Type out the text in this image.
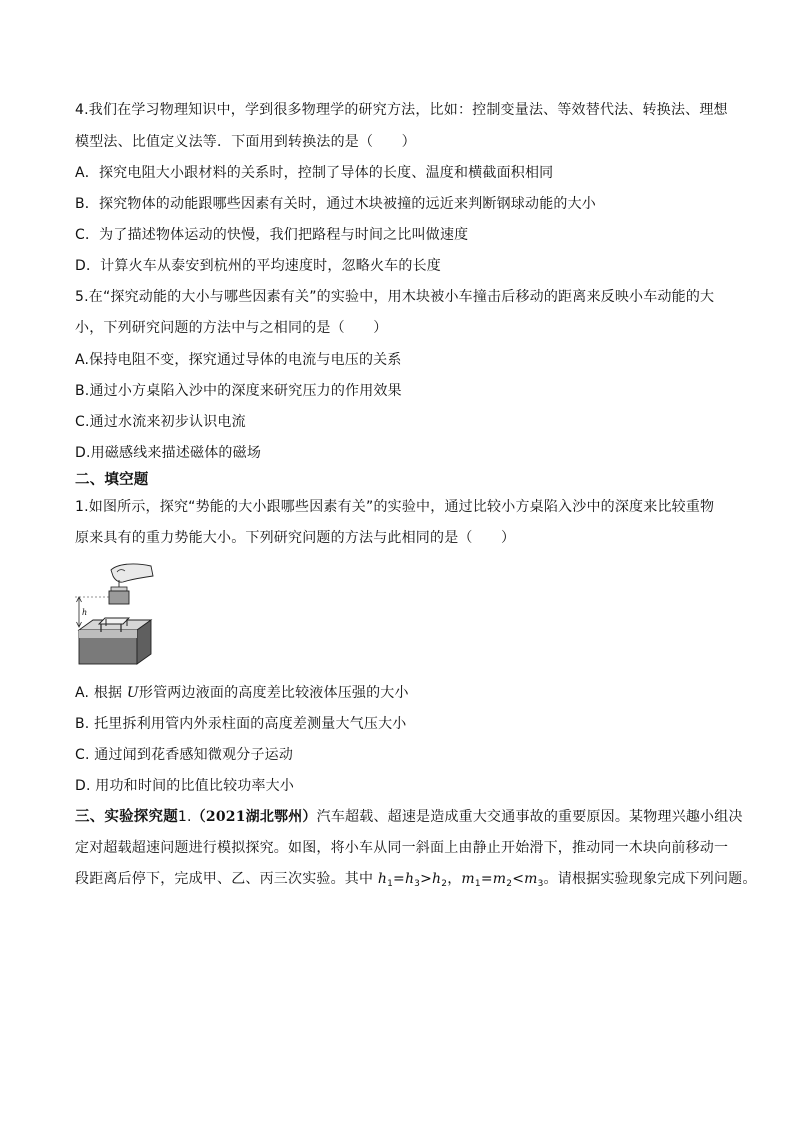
4.我们在学习物理知识中，学到很多物理学的研究方法，比如：控制变量法、等效替代法、转换法、理想
模型法、比值定义法等．下面用到转换法的是（　　）
A．探究电阻大小跟材料的关系时，控制了导体的长度、温度和横截面积相同
B．探究物体的动能跟哪些因素有关时，通过木块被撞的远近来判断钢球动能的大小
C．为了描述物体运动的快慢，我们把路程与时间之比叫做速度
D．计算火车从泰安到杭州的平均速度时，忽略火车的长度
5.在“探究动能的大小与哪些因素有关”的实验中，用木块被小车撞击后移动的距离来反映小车动能的大
小，下列研究问题的方法中与之相同的是（　　）
A.保持电阻不变，探究通过导体的电流与电压的关系
B.通过小方桌陷入沙中的深度来研究压力的作用效果
C.通过水流来初步认识电流
D.用磁感线来描述磁体的磁场
二、填空题
1.如图所示，探究“势能的大小跟哪些因素有关”的实验中，通过比较小方桌陷入沙中的深度来比较重物
原来具有的重力势能大小。下列研究问题的方法与此相同的是（　　）
h
A. 根据 U形管两边液面的高度差比较液体压强的大小
B. 托里拆利用管内外汞柱面的高度差测量大气压大小
C. 通过闻到花香感知微观分子运动
D. 用功和时间的比值比较功率大小
三、实验探究题1.（2021湖北鄂州）汽车超载、超速是造成重大交通事故的重要原因。某物理兴趣小组决
定对超载超速问题进行模拟探究。如图，将小车从同一斜面上由静止开始滑下，推动同一木块向前移动一
段距离后停下，完成甲、乙、丙三次实验。其中 $h_1=h_3>h_2$，$m_1=m_2<m_3$。请根据实验现象完成下列问题。
